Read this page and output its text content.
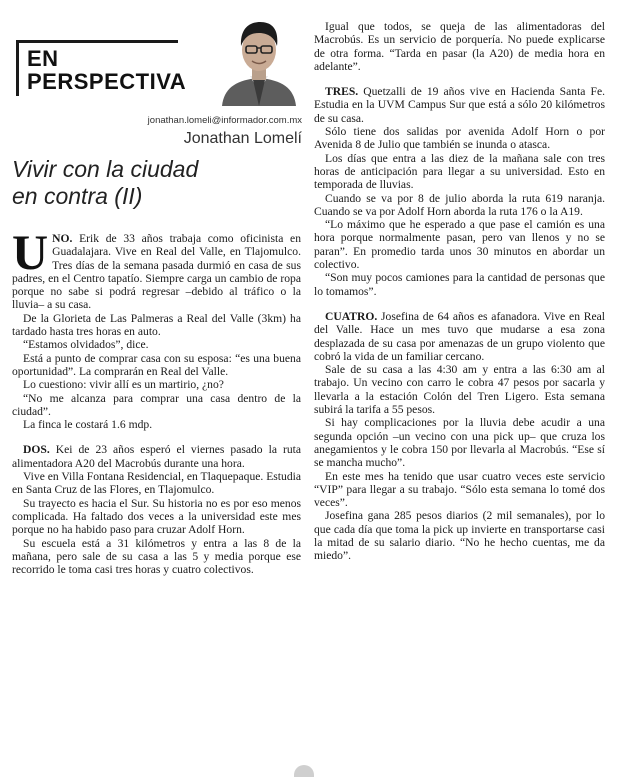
EN
PERSPECTIVA
jonathan.lomeli@informador.com.mx
Jonathan Lomelí
Vivir con la ciudad
en contra (II)
U NO. Erik de 33 años trabaja como oficinista en Guadalajara. Vive en Real del Valle, en Tlajomulco. Tres días de la semana pasada durmió en casa de sus padres, en el Centro tapatío. Siempre carga un cambio de ropa porque no sabe si podrá regresar –debido al tráfico o la lluvia– a su casa.

De la Glorieta de Las Palmeras a Real del Valle (3km) ha tardado hasta tres horas en auto.

“Estamos olvidados”, dice.

Está a punto de comprar casa con su esposa: “es una buena oportunidad”. La comprarán en Real del Valle.

Lo cuestiono: vivir allí es un martirio, ¿no?

“No me alcanza para comprar una casa dentro de la ciudad”.

La finca le costará 1.6 mdp.

DOS. Kei de 23 años esperó el viernes pasado la ruta alimentadora A20 del Macrobús durante una hora.

Vive en Villa Fontana Residencial, en Tlaquepaque. Estudia en Santa Cruz de las Flores, en Tlajomulco.

Su trayecto es hacia el Sur. Su historia no es por eso menos complicada. Ha faltado dos veces a la universidad este mes porque no ha habido paso para cruzar Adolf Horn.

Su escuela está a 31 kilómetros y entra a las 8 de la mañana, pero sale de su casa a las 5 y media porque ese recorrido le toma casi tres horas y cuatro colectivos.

Igual que todos, se queja de las alimentadoras del Macrobús. Es un servicio de porquería. No puede explicarse de otra forma. “Tarda en pasar (la A20) de media hora en adelante”.

TRES. Quetzalli de 19 años vive en Hacienda Santa Fe. Estudia en la UVM Campus Sur que está a sólo 20 kilómetros de su casa.

Sólo tiene dos salidas por avenida Adolf Horn o por Avenida 8 de Julio que también se inunda o atasca.

Los días que entra a las diez de la mañana sale con tres horas de anticipación para llegar a su universidad. Esto en temporada de lluvias.

Cuando se va por 8 de julio aborda la ruta 619 naranja. Cuando se va por Adolf Horn aborda la ruta 176 o la A19.

“Lo máximo que he esperado a que pase el camión es una hora porque normalmente pasan, pero van llenos y no se paran”. En promedio tarda unos 30 minutos en abordar un colectivo.

“Son muy pocos camiones para la cantidad de personas que lo tomamos”.

CUATRO. Josefina de 64 años es afanadora. Vive en Real del Valle. Hace un mes tuvo que mudarse a esa zona desplazada de su casa por amenazas de un grupo violento que cobró la vida de un familiar cercano.

Sale de su casa a las 4:30 am y entra a las 6:30 am al trabajo. Un vecino con carro le cobra 47 pesos por sacarla y llevarla a la estación Colón del Tren Ligero. Esta semana subirá la tarifa a 55 pesos.

Si hay complicaciones por la lluvia debe acudir a una segunda opción –un vecino con una pick up– que cruza los anegamientos y le cobra 150 por llevarla al Macrobús. “Ese sí se mancha mucho”.

En este mes ha tenido que usar cuatro veces este servicio “VIP” para llegar a su trabajo. “Sólo esta semana lo tomé dos veces”.

Josefina gana 285 pesos diarios (2 mil semanales), por lo que cada día que toma la pick up invierte en transportarse casi la mitad de su salario diario. “No he hecho cuentas, me da miedo”.
